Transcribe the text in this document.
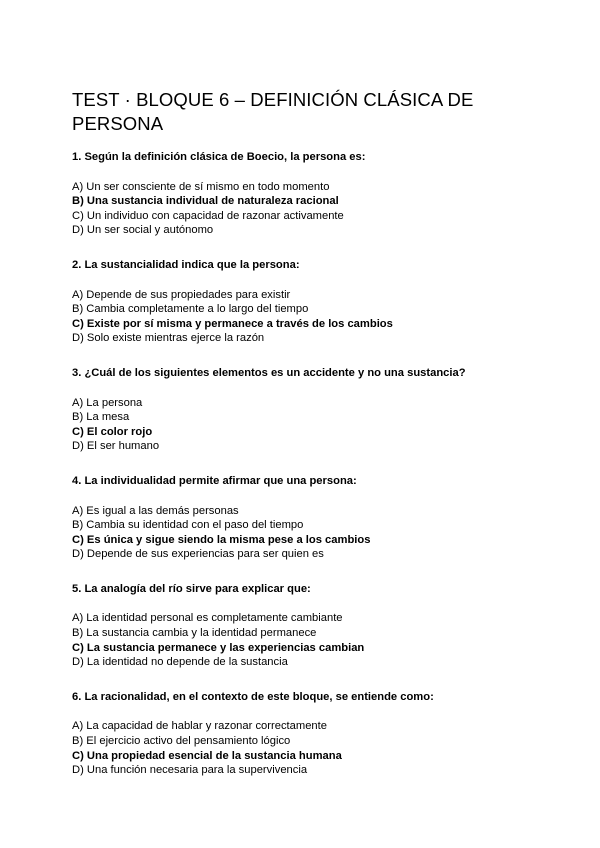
TEST · BLOQUE 6 – DEFINICIÓN CLÁSICA DE PERSONA

1. Según la definición clásica de Boecio, la persona es:

A) Un ser consciente de sí mismo en todo momento
B) Una sustancia individual de naturaleza racional
C) Un individuo con capacidad de razonar activamente
D) Un ser social y autónomo

2. La sustancialidad indica que la persona:

A) Depende de sus propiedades para existir
B) Cambia completamente a lo largo del tiempo
C) Existe por sí misma y permanece a través de los cambios
D) Solo existe mientras ejerce la razón

3. ¿Cuál de los siguientes elementos es un accidente y no una sustancia?

A) La persona
B) La mesa
C) El color rojo
D) El ser humano

4. La individualidad permite afirmar que una persona:

A) Es igual a las demás personas
B) Cambia su identidad con el paso del tiempo
C) Es única y sigue siendo la misma pese a los cambios
D) Depende de sus experiencias para ser quien es

5. La analogía del río sirve para explicar que:

A) La identidad personal es completamente cambiante
B) La sustancia cambia y la identidad permanece
C) La sustancia permanece y las experiencias cambian
D) La identidad no depende de la sustancia

6. La racionalidad, en el contexto de este bloque, se entiende como:

A) La capacidad de hablar y razonar correctamente
B) El ejercicio activo del pensamiento lógico
C) Una propiedad esencial de la sustancia humana
D) Una función necesaria para la supervivencia
